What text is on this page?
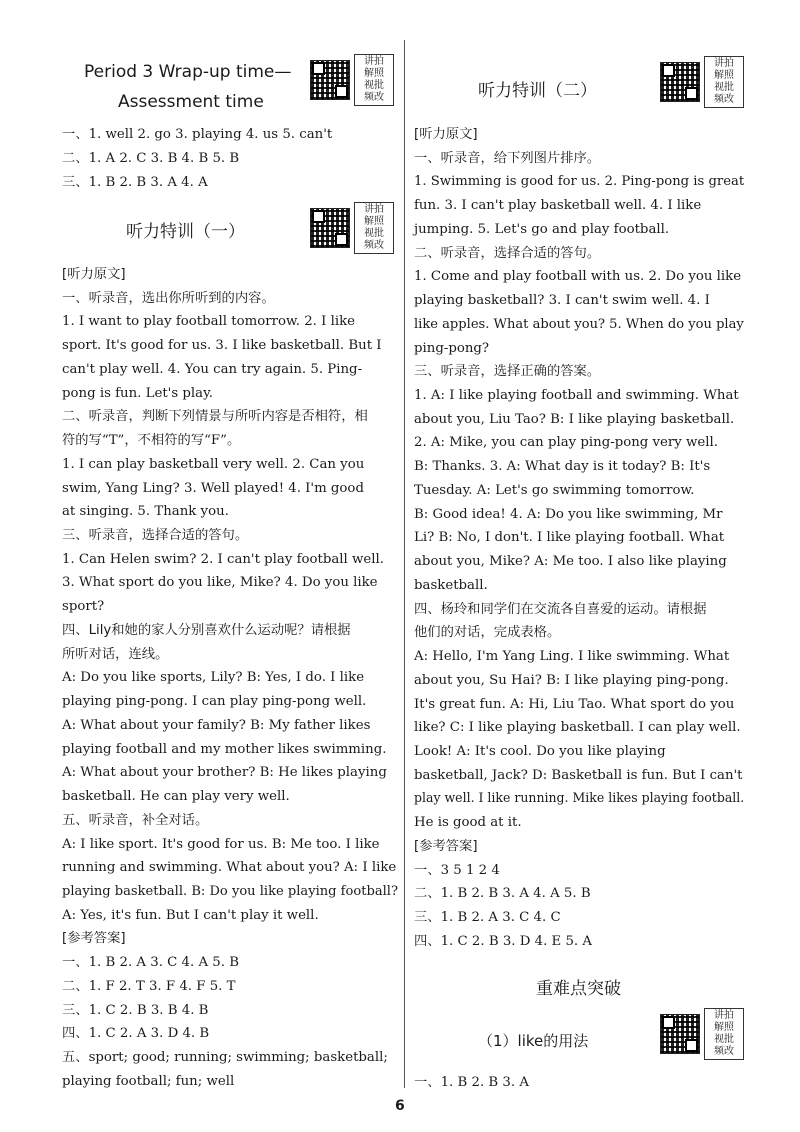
Period 3 Wrap-up time—
Assessment time
讲拍
解照
视批
频改
一、1. well 2. go 3. playing 4. us 5. can't
二、1. A 2. C 3. B 4. B 5. B
三、1. B 2. B 3. A 4. A
听力特训（一）
讲拍
解照
视批
频改
[听力原文]
一、听录音，选出你所听到的内容。
1. I want to play football tomorrow. 2. I like
sport. It's good for us. 3. I like basketball. But I
can't play well. 4. You can try again. 5. Ping-
pong is fun. Let's play.
二、听录音，判断下列情景与所听内容是否相符，相
符的写“T”，不相符的写“F”。
1. I can play basketball very well. 2. Can you
swim, Yang Ling? 3. Well played! 4. I'm good
at singing. 5. Thank you.
三、听录音，选择合适的答句。
1. Can Helen swim? 2. I can't play football well.
3. What sport do you like, Mike? 4. Do you like
sport?
四、Lily和她的家人分别喜欢什么运动呢？请根据
所听对话，连线。
A: Do you like sports, Lily? B: Yes, I do. I like
playing ping-pong. I can play ping-pong well.
A: What about your family? B: My father likes
playing football and my mother likes swimming.
A: What about your brother? B: He likes playing
basketball. He can play very well.
五、听录音，补全对话。
A: I like sport. It's good for us. B: Me too. I like
running and swimming. What about you? A: I like
playing basketball. B: Do you like playing football?
A: Yes, it's fun. But I can't play it well.
[参考答案]
一、1. B 2. A 3. C 4. A 5. B
二、1. F 2. T 3. F 4. F 5. T
三、1. C 2. B 3. B 4. B
四、1. C 2. A 3. D 4. B
五、sport; good; running; swimming; basketball;
playing football; fun; well
听力特训（二）
讲拍
解照
视批
频改
[听力原文]
一、听录音，给下列图片排序。
1. Swimming is good for us. 2. Ping-pong is great
fun. 3. I can't play basketball well. 4. I like
jumping. 5. Let's go and play football.
二、听录音，选择合适的答句。
1. Come and play football with us. 2. Do you like
playing basketball? 3. I can't swim well. 4. I
like apples. What about you? 5. When do you play
ping-pong?
三、听录音，选择正确的答案。
1. A: I like playing football and swimming. What
about you, Liu Tao? B: I like playing basketball.
2. A: Mike, you can play ping-pong very well.
B: Thanks. 3. A: What day is it today? B: It's
Tuesday. A: Let's go swimming tomorrow.
B: Good idea! 4. A: Do you like swimming, Mr
Li? B: No, I don't. I like playing football. What
about you, Mike? A: Me too. I also like playing
basketball.
四、杨玲和同学们在交流各自喜爱的运动。请根据
他们的对话，完成表格。
A: Hello, I'm Yang Ling. I like swimming. What
about you, Su Hai? B: I like playing ping-pong.
It's great fun. A: Hi, Liu Tao. What sport do you
like? C: I like playing basketball. I can play well.
Look! A: It's cool. Do you like playing
basketball, Jack? D: Basketball is fun. But I can't
play well. I like running. Mike likes playing football.
He is good at it.
[参考答案]
一、3 5 1 2 4
二、1. B 2. B 3. A 4. A 5. B
三、1. B 2. A 3. C 4. C
四、1. C 2. B 3. D 4. E 5. A
重难点突破
（1）like的用法
讲拍
解照
视批
频改
一、1. B 2. B 3. A
6
